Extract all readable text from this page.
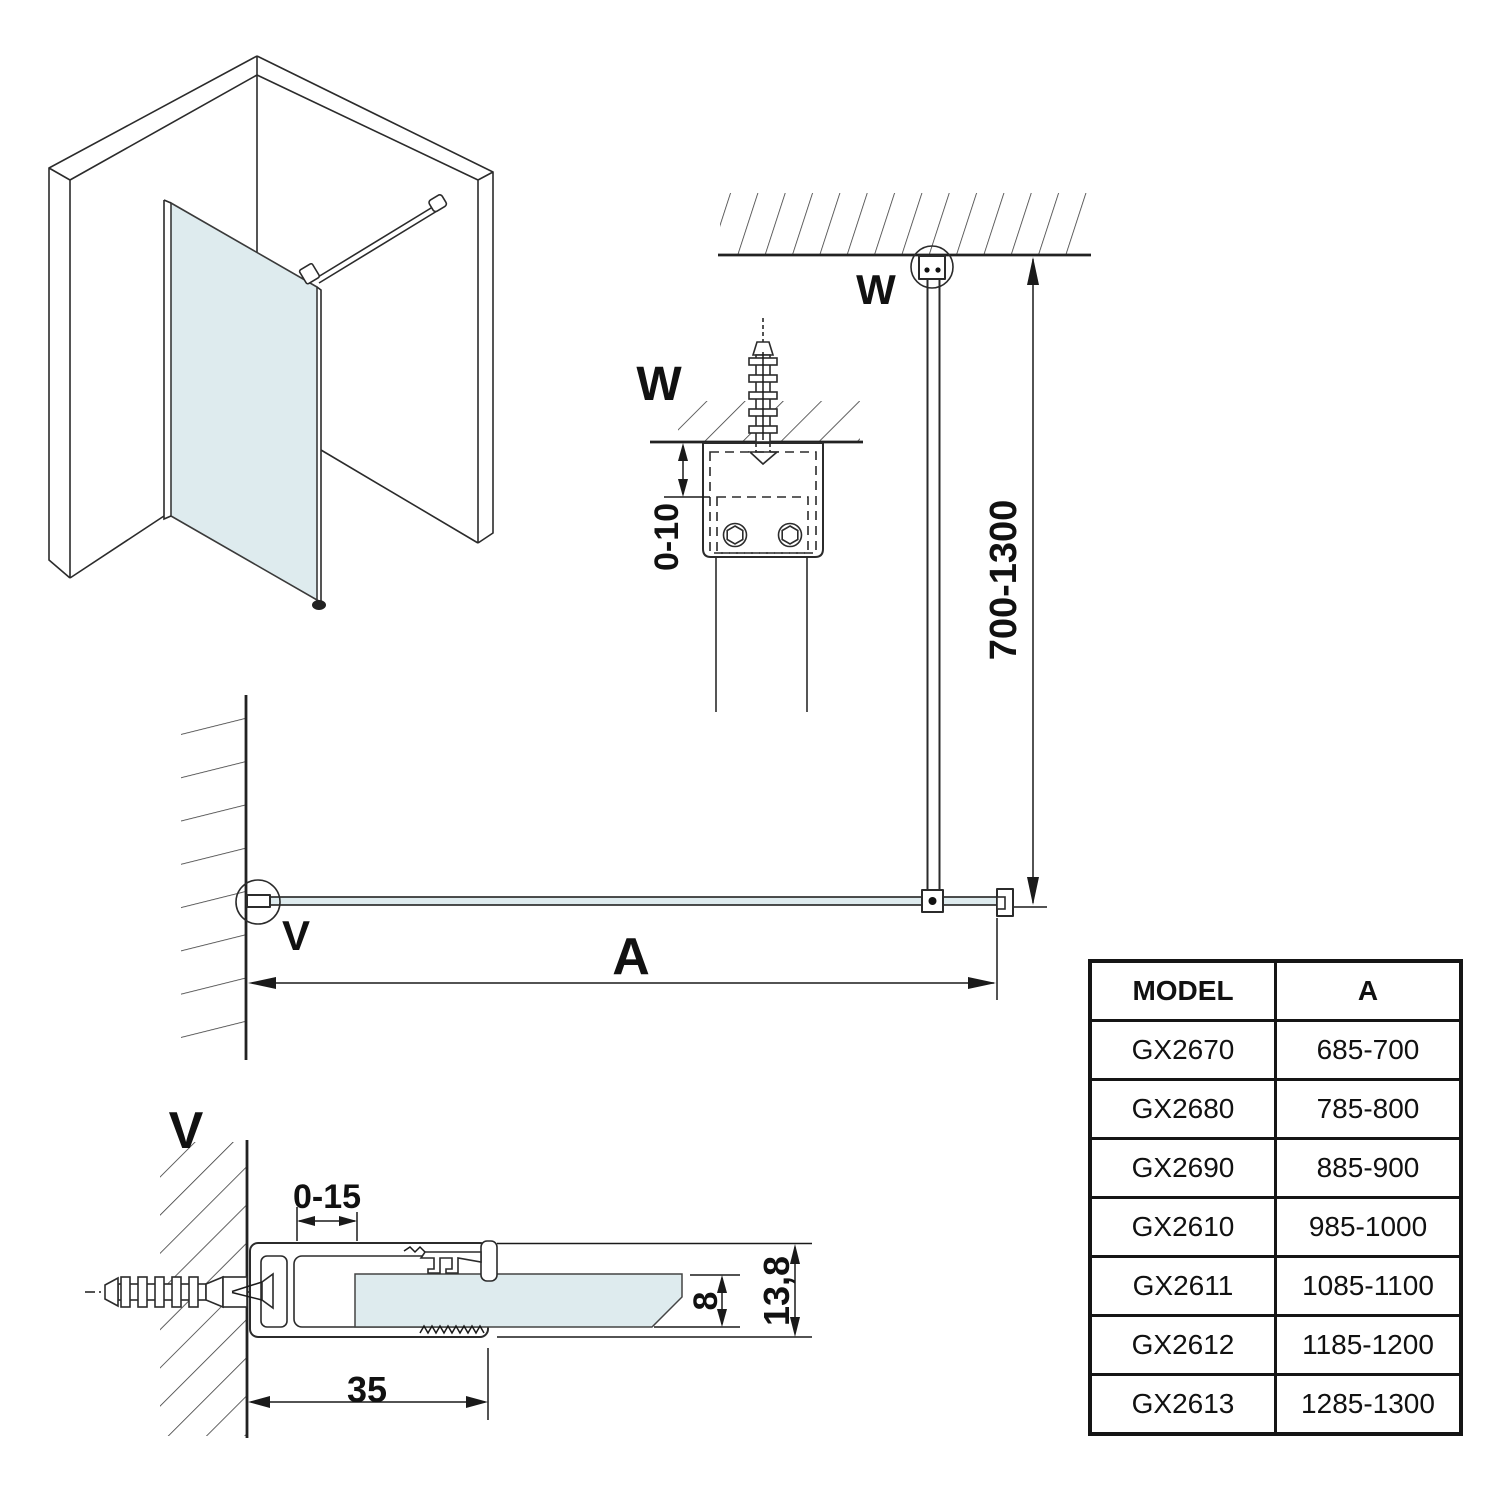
W
W
V
V
A
700-1300
0-10
0-15
35
8 13,8
MODEL	A
GX2670	685-700
GX2680	785-800
GX2690	885-900
GX2610	985-1000
GX2611	1085-1100
GX2612	1185-1200
GX2613	1285-1300
